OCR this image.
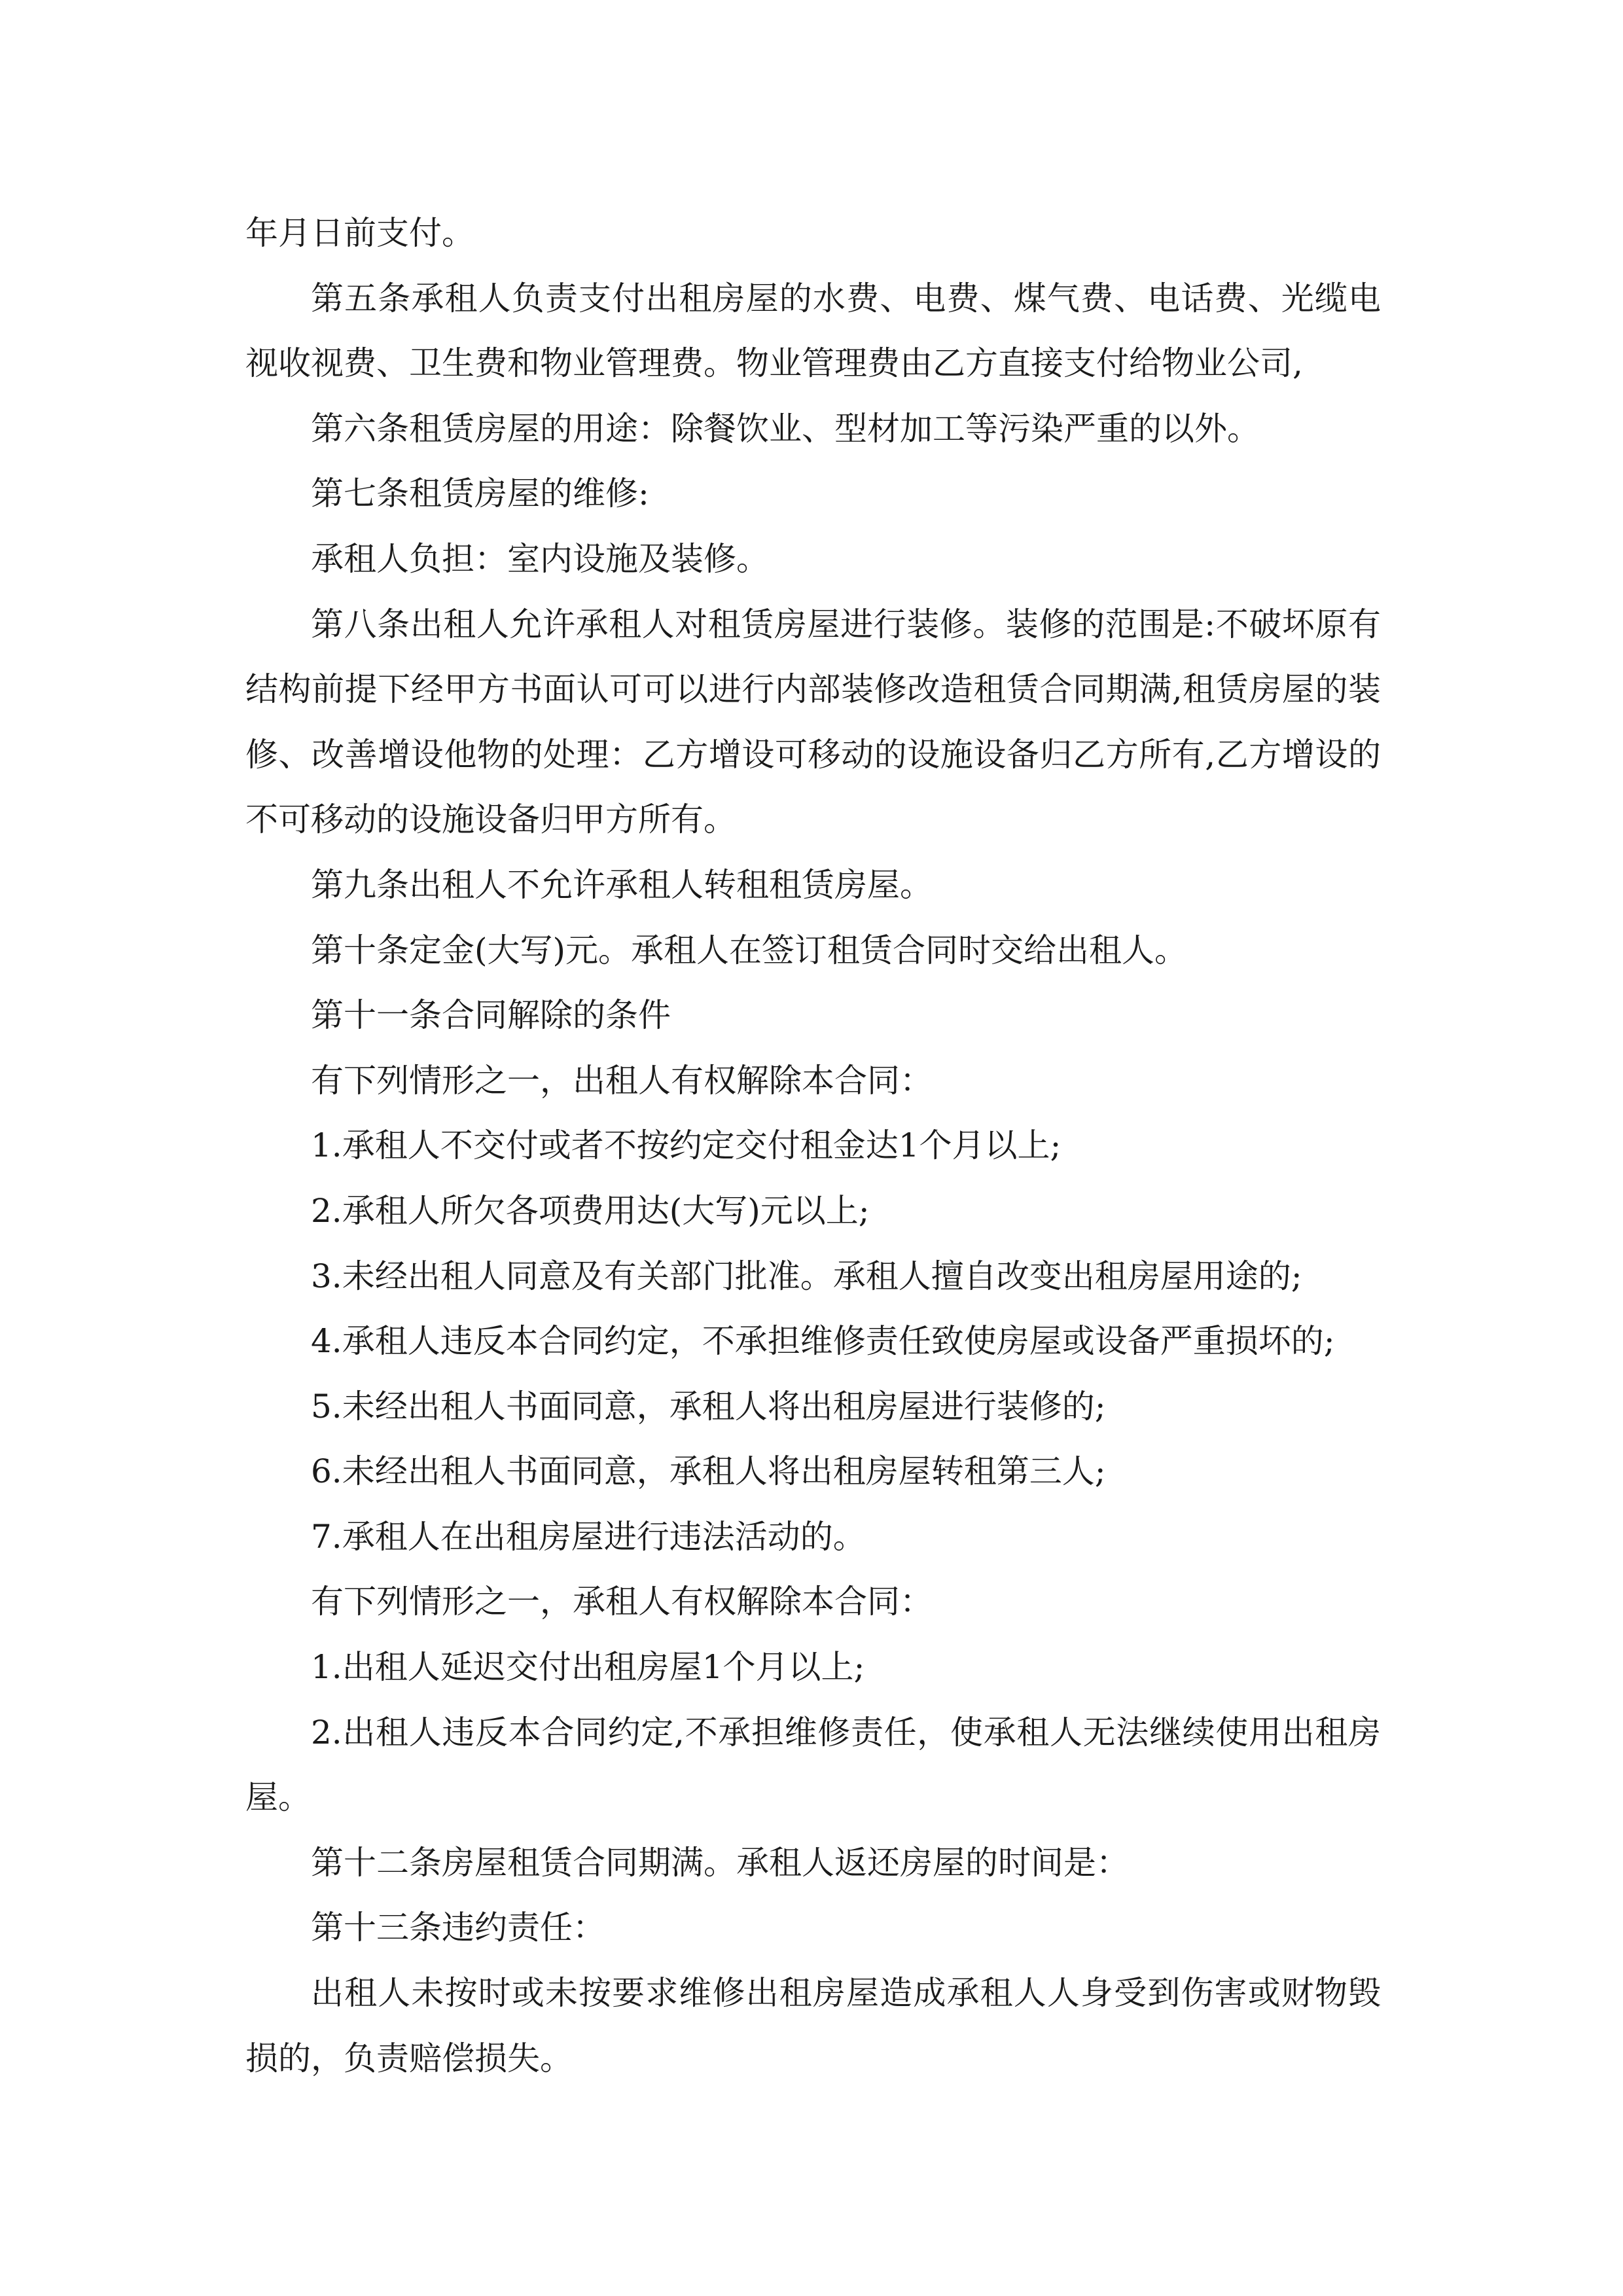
年月日前支付。

第五条承租人负责支付出租房屋的水费、电费、煤气费、电话费、光缆电视收视费、卫生费和物业管理费。物业管理费由乙方直接支付给物业公司,

第六条租赁房屋的用途：除餐饮业、型材加工等污染严重的以外。

第七条租赁房屋的维修:

承租人负担：室内设施及装修。

第八条出租人允许承租人对租赁房屋进行装修。装修的范围是:不破坏原有结构前提下经甲方书面认可可以进行内部装修改造租赁合同期满,租赁房屋的装修、改善增设他物的处理：乙方增设可移动的设施设备归乙方所有,乙方增设的不可移动的设施设备归甲方所有。

第九条出租人不允许承租人转租租赁房屋。

第十条定金(大写)元。承租人在签订租赁合同时交给出租人。

第十一条合同解除的条件

有下列情形之一，出租人有权解除本合同：

1.承租人不交付或者不按约定交付租金达1个月以上;

2.承租人所欠各项费用达(大写)元以上;

3.未经出租人同意及有关部门批准。承租人擅自改变出租房屋用途的;

4.承租人违反本合同约定，不承担维修责任致使房屋或设备严重损坏的;

5.未经出租人书面同意，承租人将出租房屋进行装修的;

6.未经出租人书面同意，承租人将出租房屋转租第三人;

7.承租人在出租房屋进行违法活动的。

有下列情形之一，承租人有权解除本合同：

1.出租人延迟交付出租房屋1个月以上;

2.出租人违反本合同约定,不承担维修责任，使承租人无法继续使用出租房屋。

第十二条房屋租赁合同期满。承租人返还房屋的时间是：

第十三条违约责任：

出租人未按时或未按要求维修出租房屋造成承租人人身受到伤害或财物毁损的，负责赔偿损失。
